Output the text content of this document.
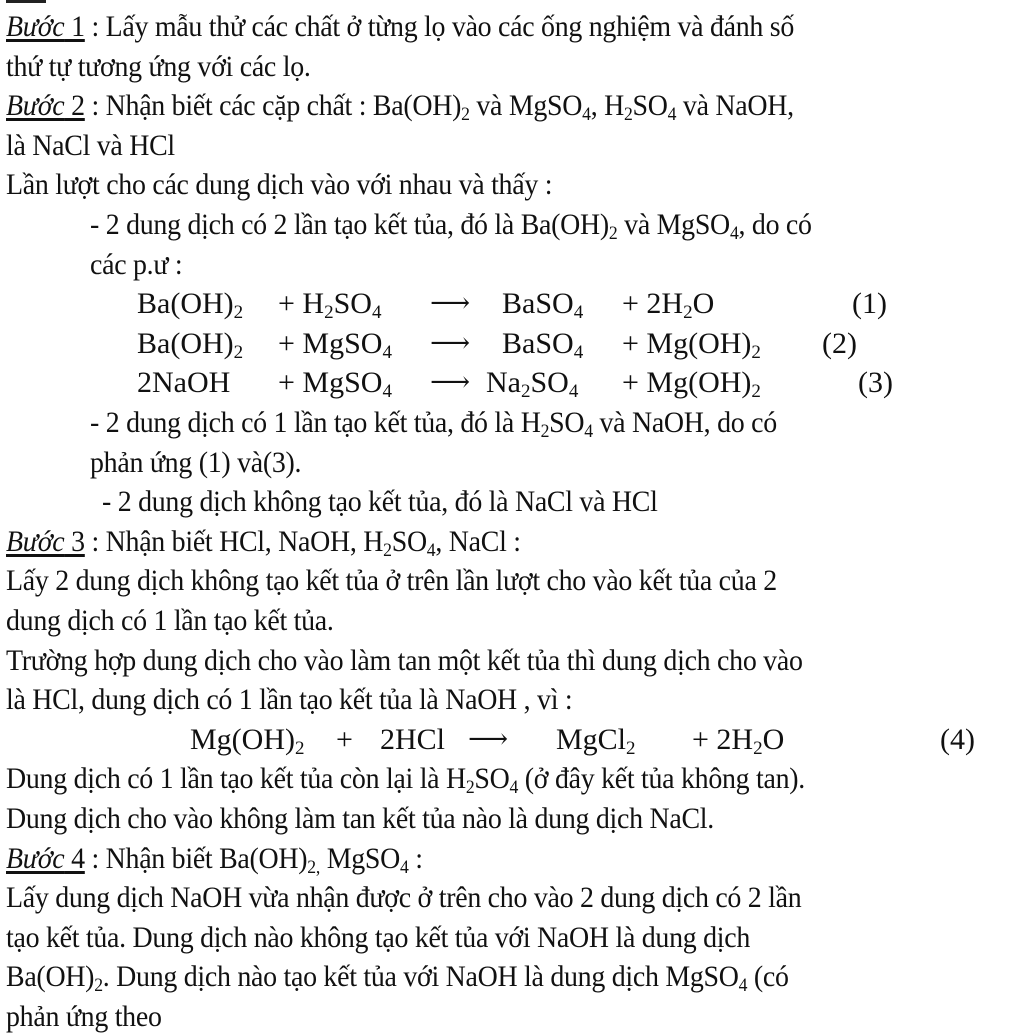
Bước 1 : Lấy mẫu thử các chất ở từng lọ vào các ống nghiệm và đánh số
thứ tự tương ứng với các lọ.
Bước 2 : Nhận biết các cặp chất : $Ba(OH)_2$ và MgSO$_4$, $H_2SO_4$ và NaOH,
là NaCl và HCl
Lần lượt cho các dung dịch vào với nhau và thấy :
- 2 dung dịch có 2 lần tạo kết tủa, đó là $Ba(OH)_2$ và MgSO$_4$, do có
các p.ư :
$Ba(OH)_2 + H_2SO_4$ ⟶ BaSO$_4$ + $2H_2O$	(1)
$Ba(OH)_2$ + MgSO$_4$ ⟶ BaSO$_4$ + $Mg(OH)_2$ (2)
2NaOH + MgSO$_4$ ⟶ $Na_2SO_4 + Mg(OH)_2$	(3)
- 2 dung dịch có 1 lần tạo kết tủa, đó là $H_2SO_4$ và NaOH, do có
phản ứng (1) và(3).
- 2 dung dịch không tạo kết tủa, đó là NaCl và HCl
Bước 3 : Nhận biết HCl, NaOH, $H_2SO_4$, NaCl :
Lấy 2 dung dịch không tạo kết tủa ở trên lần lượt cho vào kết tủa của 2
dung dịch có 1 lần tạo kết tủa.
Trường hợp dung dịch cho vào làm tan một kết tủa thì dung dịch cho vào
là HCl, dung dịch có 1 lần tạo kết tủa là NaOH , vì :
$Mg(OH)_2 + 2HCl$ ⟶ MgCl$_2$ + $2H_2O$	(4)
Dung dịch có 1 lần tạo kết tủa còn lại là $H_2SO_4$ (ở đây kết tủa không tan).
Dung dịch cho vào không làm tan kết tủa nào là dung dịch NaCl.
Bước 4 : Nhận biết $Ba(OH)_{2,}$ MgSO$_4$ :
Lấy dung dịch NaOH vừa nhận được ở trên cho vào 2 dung dịch có 2 lần
tạo kết tủa. Dung dịch nào không tạo kết tủa với NaOH là dung dịch
$Ba(OH)_2$. Dung dịch nào tạo kết tủa với NaOH là dung dịch MgSO$_4$ (có
phản ứng theo
